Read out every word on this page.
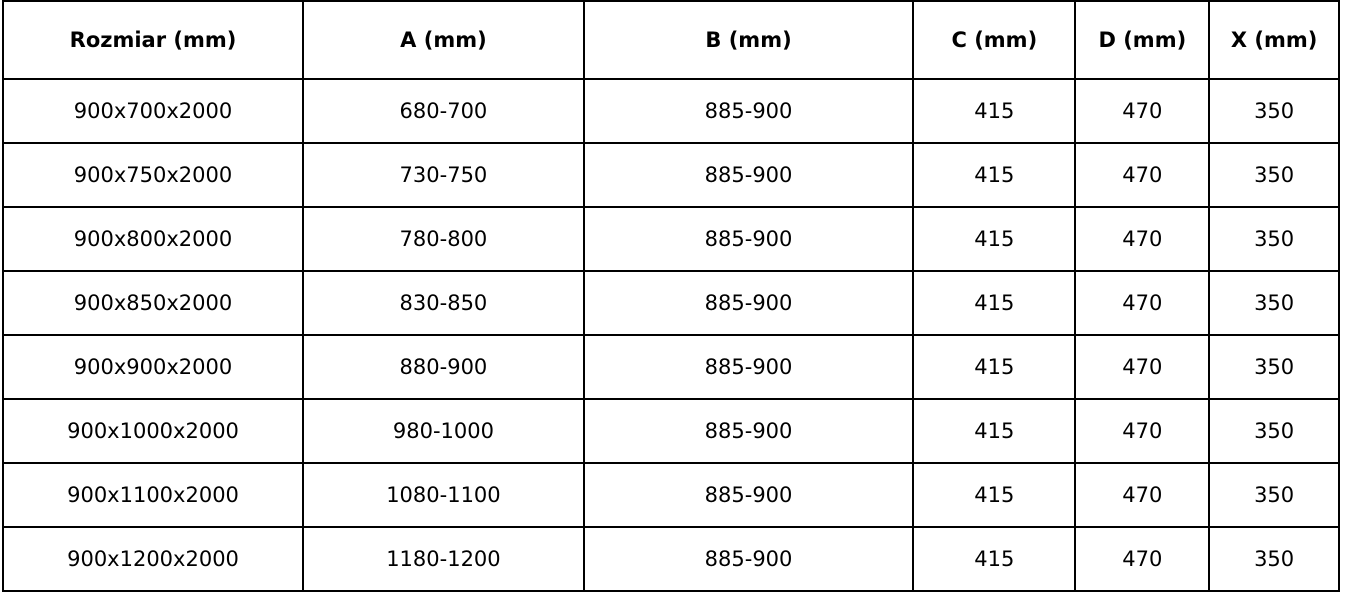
Rozmiar (mm)	A (mm)	B (mm)	C (mm)	D (mm)	X (mm)
900x700x2000	680-700	885-900	415	470	350
900x750x2000	730-750	885-900	415	470	350
900x800x2000	780-800	885-900	415	470	350
900x850x2000	830-850	885-900	415	470	350
900x900x2000	880-900	885-900	415	470	350
900x1000x2000	980-1000	885-900	415	470	350
900x1100x2000	1080-1100	885-900	415	470	350
900x1200x2000	1180-1200	885-900	415	470	350
